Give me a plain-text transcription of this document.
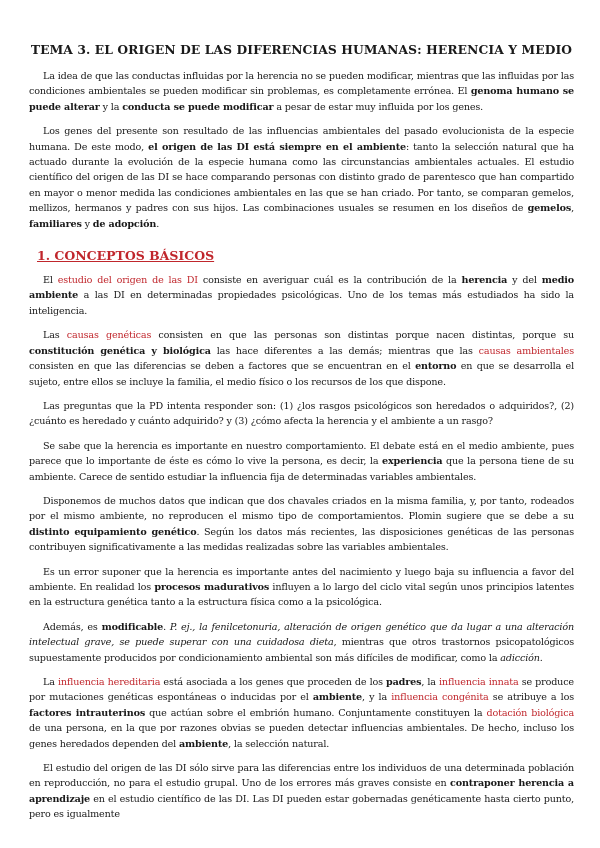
TEMA 3. EL ORIGEN DE LAS DIFERENCIAS HUMANAS: HERENCIA Y MEDIO

La idea de que las conductas influidas por la herencia no se pueden modificar, mientras que las influidas por las condiciones ambientales se pueden modificar sin problemas, es completamente errónea. El genoma humano se puede alterar y la conducta se puede modificar a pesar de estar muy influida por los genes.

Los genes del presente son resultado de las influencias ambientales del pasado evolucionista de la especie humana. De este modo, el origen de las DI está siempre en el ambiente: tanto la selección natural que ha actuado durante la evolución de la especie humana como las circunstancias ambientales actuales. El estudio científico del origen de las DI se hace comparando personas con distinto grado de parentesco que han compartido en mayor o menor medida las condiciones ambientales en las que se han criado. Por tanto, se comparan gemelos, mellizos, hermanos y padres con sus hijos. Las combinaciones usuales se resumen en los diseños de gemelos, familiares y de adopción.

1. CONCEPTOS BÁSICOS

El estudio del origen de las DI consiste en averiguar cuál es la contribución de la herencia y del medio ambiente a las DI en determinadas propiedades psicológicas. Uno de los temas más estudiados ha sido la inteligencia.

Las causas genéticas consisten en que las personas son distintas porque nacen distintas, porque su constitución genética y biológica las hace diferentes a las demás; mientras que las causas ambientales consisten en que las diferencias se deben a factores que se encuentran en el entorno en que se desarrolla el sujeto, entre ellos se incluye la familia, el medio físico o los recursos de los que dispone.

Las preguntas que la PD intenta responder son: (1) ¿los rasgos psicológicos son heredados o adquiridos?, (2) ¿cuánto es heredado y cuánto adquirido? y (3) ¿cómo afecta la herencia y el ambiente a un rasgo?

Se sabe que la herencia es importante en nuestro comportamiento. El debate está en el medio ambiente, pues parece que lo importante de éste es cómo lo vive la persona, es decir, la experiencia que la persona tiene de su ambiente. Carece de sentido estudiar la influencia fija de determinadas variables ambientales.

Disponemos de muchos datos que indican que dos chavales criados en la misma familia, y, por tanto, rodeados por el mismo ambiente, no reproducen el mismo tipo de comportamientos. Plomin sugiere que se debe a su distinto equipamiento genético. Según los datos más recientes, las disposiciones genéticas de las personas contribuyen significativamente a las medidas realizadas sobre las variables ambientales.

Es un error suponer que la herencia es importante antes del nacimiento y luego baja su influencia a favor del ambiente. En realidad los procesos madurativos influyen a lo largo del ciclo vital según unos principios latentes en la estructura genética tanto a la estructura física como a la psicológica.

Además, es modificable. P. ej., la fenilcetonuria, alteración de origen genético que da lugar a una alteración intelectual grave, se puede superar con una cuidadosa dieta, mientras que otros trastornos psicopatológicos supuestamente producidos por condicionamiento ambiental son más difíciles de modificar, como la adicción.

La influencia hereditaria está asociada a los genes que proceden de los padres, la influencia innata se produce por mutaciones genéticas espontáneas o inducidas por el ambiente, y la influencia congénita se atribuye a los factores intrauterinos que actúan sobre el embrión humano. Conjuntamente constituyen la dotación biológica de una persona, en la que por razones obvias se pueden detectar influencias ambientales. De hecho, incluso los genes heredados dependen del ambiente, la selección natural.

El estudio del origen de las DI sólo sirve para las diferencias entre los individuos de una determinada población en reproducción, no para el estudio grupal. Uno de los errores más graves consiste en contraponer herencia a aprendizaje en el estudio científico de las DI. Las DI pueden estar gobernadas genéticamente hasta cierto punto, pero es igualmente
